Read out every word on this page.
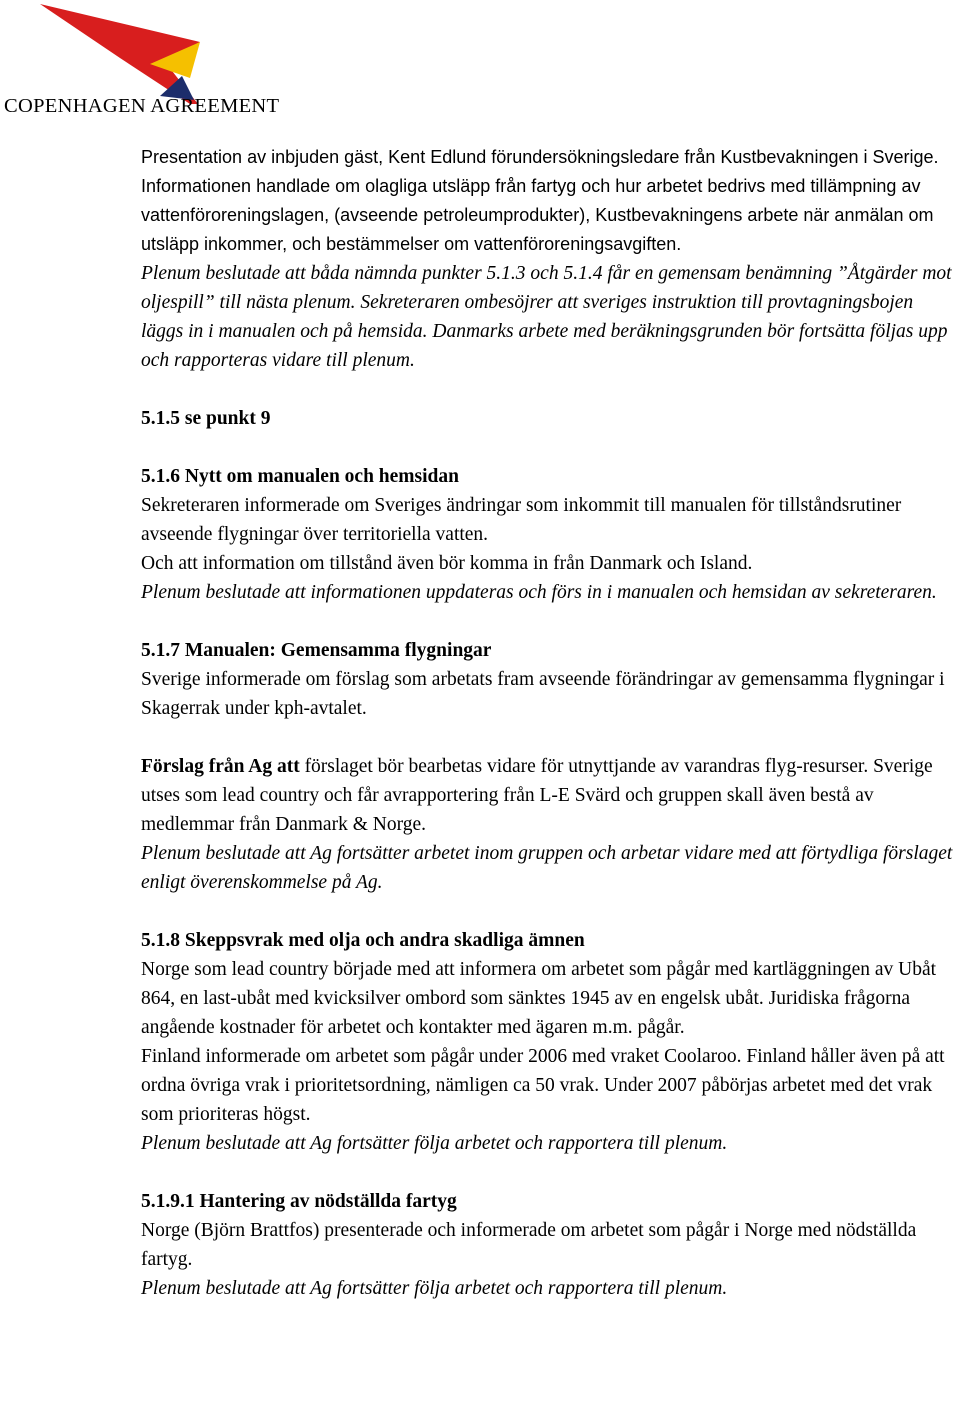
COPENHAGEN AGREEMENT

Presentation av inbjuden gäst, Kent Edlund förundersökningsledare från Kustbevakningen i Sverige. Informationen handlade om olagliga utsläpp från fartyg och hur arbetet bedrivs med tillämpning av vattenföroreningslagen, (avseende petroleumprodukter), Kustbevakningens arbete när anmälan om utsläpp inkommer, och bestämmelser om vattenföroreningsavgiften.

Plenum beslutade att båda nämnda punkter 5.1.3 och 5.1.4 får en gemensam benämning ”Åtgärder mot oljespill” till nästa plenum. Sekreteraren ombesöjrer att sveriges instruktion till provtagningsbojen läggs in i manualen och på hemsida. Danmarks arbete med beräkningsgrunden bör fortsätta följas upp och rapporteras vidare till plenum.

5.1.5 se punkt 9

5.1.6 Nytt om manualen och hemsidan

Sekreteraren informerade om Sveriges ändringar som inkommit till manualen för tillståndsrutiner avseende flygningar över territoriella vatten.

Och att information om tillstånd även bör komma in från Danmark och Island.

Plenum beslutade att informationen uppdateras och förs in i manualen och hemsidan av sekreteraren.

5.1.7 Manualen: Gemensamma flygningar

Sverige informerade om förslag som arbetats fram avseende förändringar av gemensamma flygningar i Skagerrak under kph-avtalet.

Förslag från Ag att förslaget bör bearbetas vidare för utnyttjande av varandras flyg-resurser. Sverige utses som lead country och får avrapportering från L-E Svärd och gruppen skall även bestå av medlemmar från Danmark & Norge.

Plenum beslutade att Ag fortsätter arbetet inom gruppen och arbetar vidare med att förtydliga förslaget enligt överenskommelse på Ag.

5.1.8 Skeppsvrak med olja och andra skadliga ämnen

Norge som lead country började med att informera om arbetet som pågår med kartläggningen av Ubåt 864, en last-ubåt med kvicksilver ombord som sänktes 1945 av en engelsk ubåt. Juridiska frågorna angående kostnader för arbetet och kontakter med ägaren m.m. pågår.

Finland informerade om arbetet som pågår under 2006 med vraket Coolaroo. Finland håller även på att ordna övriga vrak i prioritetsordning, nämligen ca 50 vrak. Under 2007 påbörjas arbetet med det vrak som prioriteras högst.

Plenum beslutade att Ag fortsätter följa arbetet och rapportera till plenum.

5.1.9.1 Hantering av nödställda fartyg

Norge (Björn Brattfos) presenterade och informerade om arbetet som pågår i Norge med nödställda fartyg.

Plenum beslutade att Ag fortsätter följa arbetet och rapportera till plenum.
